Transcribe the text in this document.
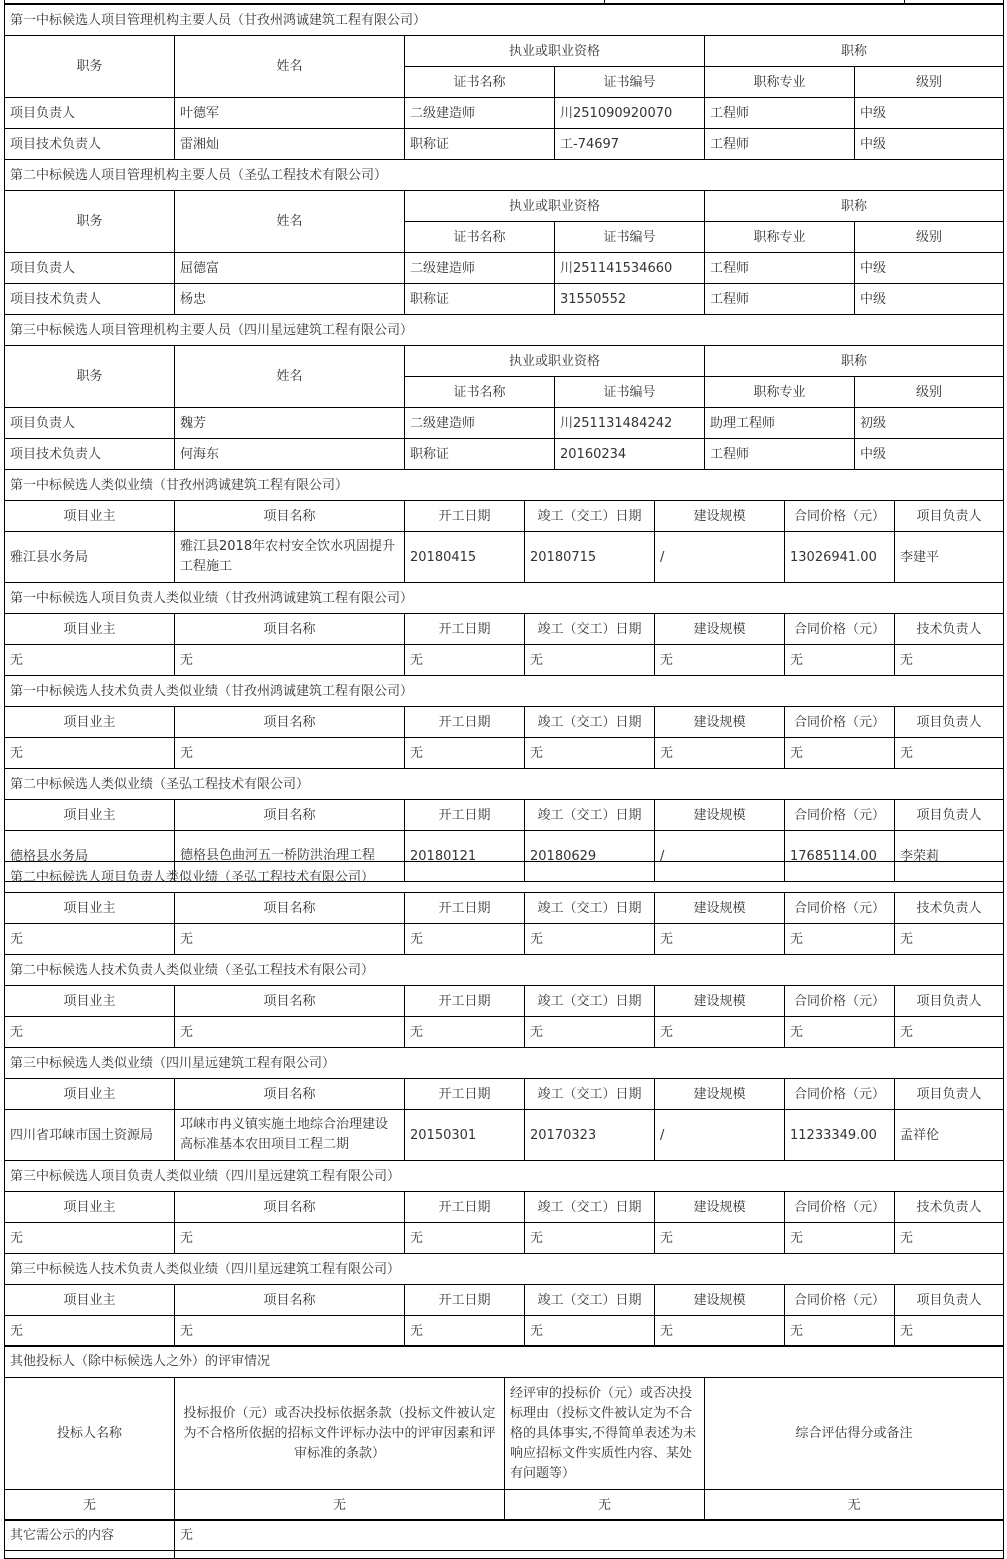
第一中标候选人项目管理机构主要人员（甘孜州鸿诚建筑工程有限公司）					
职务	姓名	执业或职业资格		职称	
		证书名称	证书编号	职称专业	级别
项目负责人	叶德军	二级建造师	川251090920070	工程师	中级
项目技术负责人	雷湘灿	职称证	工-74697	工程师	中级
第二中标候选人项目管理机构主要人员（圣弘工程技术有限公司）					
职务	姓名	执业或职业资格		职称	
		证书名称	证书编号	职称专业	级别
项目负责人	屈德富	二级建造师	川251141534660	工程师	中级
项目技术负责人	杨忠	职称证	31550552	工程师	中级
第三中标候选人项目管理机构主要人员（四川星远建筑工程有限公司）					
职务	姓名	执业或职业资格		职称	
		证书名称	证书编号	职称专业	级别
项目负责人	魏芳	二级建造师	川251131484242	助理工程师	初级
项目技术负责人	何海东	职称证	20160234	工程师	中级
第一中标候选人类似业绩（甘孜州鸿诚建筑工程有限公司）						
项目业主	项目名称	开工日期	竣工（交工）日期	建设规模	合同价格（元）	项目负责人
雅江县水务局	雅江县2018年农村安全饮水巩固提升工程施工	20180415	20180715	/	13026941.00	李建平
第一中标候选人项目负责人类似业绩（甘孜州鸿诚建筑工程有限公司）						
项目业主	项目名称	开工日期	竣工（交工）日期	建设规模	合同价格（元）	技术负责人
无	无	无	无	无	无	无
第一中标候选人技术负责人类似业绩（甘孜州鸿诚建筑工程有限公司）						
项目业主	项目名称	开工日期	竣工（交工）日期	建设规模	合同价格（元）	项目负责人
无	无	无	无	无	无	无
第二中标候选人类似业绩（圣弘工程技术有限公司）						
项目业主	项目名称	开工日期	竣工（交工）日期	建设规模	合同价格（元）	项目负责人
德格县水务局	德格县色曲河五一桥防洪治理工程	20180121	20180629	/	17685114.00	李荣莉
第二中标候选人项目负责人类似业绩（圣弘工程技术有限公司）						
项目业主	项目名称	开工日期	竣工（交工）日期	建设规模	合同价格（元）	技术负责人
无	无	无	无	无	无	无
第二中标候选人技术负责人类似业绩（圣弘工程技术有限公司）						
项目业主	项目名称	开工日期	竣工（交工）日期	建设规模	合同价格（元）	项目负责人
无	无	无	无	无	无	无
第三中标候选人类似业绩（四川星远建筑工程有限公司）						
项目业主	项目名称	开工日期	竣工（交工）日期	建设规模	合同价格（元）	项目负责人
四川省邛崃市国土资源局	邛崃市冉义镇实施土地综合治理建设高标准基本农田项目工程二期	20150301	20170323	/	11233349.00	孟祥伦
第三中标候选人项目负责人类似业绩（四川星远建筑工程有限公司）						
项目业主	项目名称	开工日期	竣工（交工）日期	建设规模	合同价格（元）	技术负责人
无	无	无	无	无	无	无
第三中标候选人技术负责人类似业绩（四川星远建筑工程有限公司）						
项目业主	项目名称	开工日期	竣工（交工）日期	建设规模	合同价格（元）	项目负责人
无	无	无	无	无	无	无
其他投标人（除中标候选人之外）的评审情况			
投标人名称	投标报价（元）或否决投标依据条款（投标文件被认定为不合格所依据的招标文件评标办法中的评审因素和评审标准的条款）	经评审的投标价（元）或否决投标理由（投标文件被认定为不合格的具体事实,不得简单表述为未响应招标文件实质性内容、某处有问题等）	综合评估得分或备注
无	无	无	无
其它需公示的内容	无
